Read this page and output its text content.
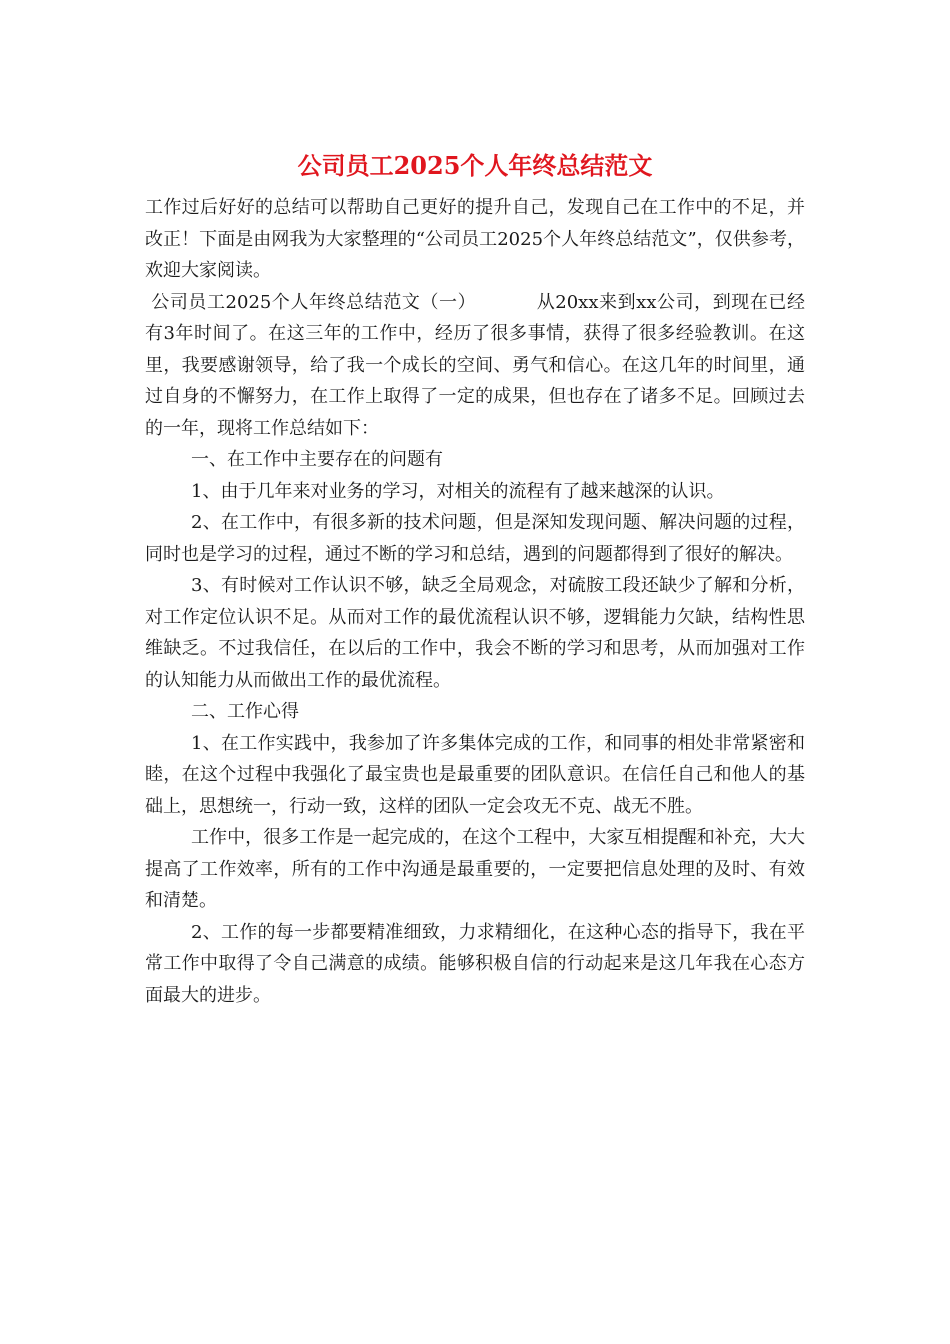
公司员工2025个人年终总结范文

工作过后好好的总结可以帮助自己更好的提升自己，发现自己在工作中的不足，并改正！下面是由网我为大家整理的“公司员工2025个人年终总结范文”，仅供参考，欢迎大家阅读。

公司员工2025个人年终总结范文（一）	从20xx来到xx公司，到现在已经有3年时间了。在这三年的工作中，经历了很多事情，获得了很多经验教训。在这里，我要感谢领导，给了我一个成长的空间、勇气和信心。在这几年的时间里，通过自身的不懈努力，在工作上取得了一定的成果，但也存在了诸多不足。回顾过去的一年，现将工作总结如下：

一、在工作中主要存在的问题有

1、由于几年来对业务的学习，对相关的流程有了越来越深的认识。

2、在工作中，有很多新的技术问题，但是深知发现问题、解决问题的过程，同时也是学习的过程，通过不断的学习和总结，遇到的问题都得到了很好的解决。

3、有时候对工作认识不够，缺乏全局观念，对硫胺工段还缺少了解和分析，对工作定位认识不足。从而对工作的最优流程认识不够，逻辑能力欠缺，结构性思维缺乏。不过我信任，在以后的工作中，我会不断的学习和思考，从而加强对工作的认知能力从而做出工作的最优流程。

二、工作心得

1、在工作实践中，我参加了许多集体完成的工作，和同事的相处非常紧密和睦，在这个过程中我强化了最宝贵也是最重要的团队意识。在信任自己和他人的基础上，思想统一，行动一致，这样的团队一定会攻无不克、战无不胜。

工作中，很多工作是一起完成的，在这个工程中，大家互相提醒和补充，大大提高了工作效率，所有的工作中沟通是最重要的，一定要把信息处理的及时、有效和清楚。

2、工作的每一步都要精准细致，力求精细化，在这种心态的指导下，我在平常工作中取得了令自己满意的成绩。能够积极自信的行动起来是这几年我在心态方面最大的进步。
